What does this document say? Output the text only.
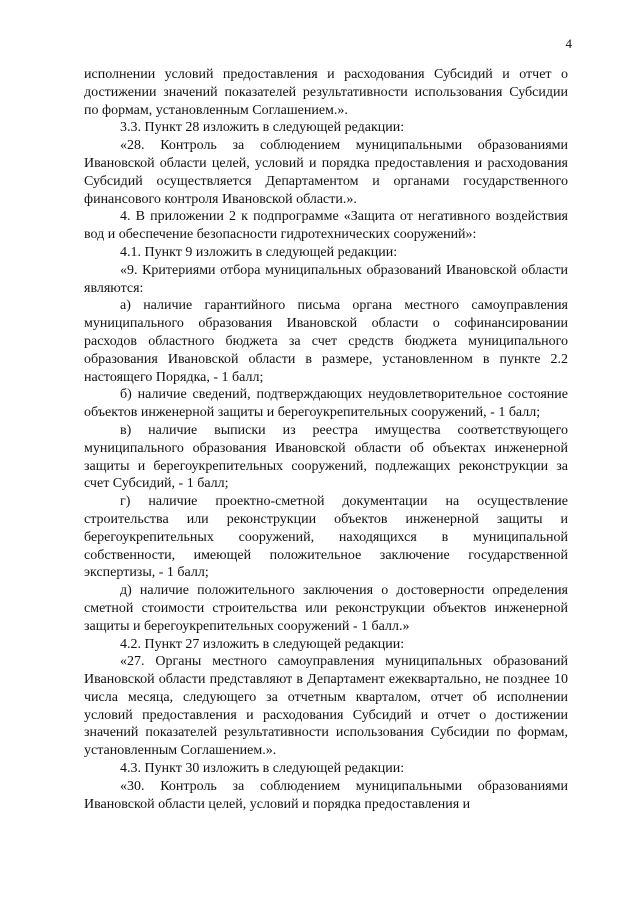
4

исполнении условий предоставления и расходования Субсидий и отчет о достижении значений показателей результативности использования Субсидии по формам, установленным Соглашением.».

3.3. Пункт 28 изложить в следующей редакции:

«28. Контроль за соблюдением муниципальными образованиями Ивановской области целей, условий и порядка предоставления и расходования Субсидий осуществляется Департаментом и органами государственного финансового контроля Ивановской области.».

4. В приложении 2 к подпрограмме «Защита от негативного воздействия вод и обеспечение безопасности гидротехнических сооружений»:

4.1. Пункт 9 изложить в следующей редакции:

«9. Критериями отбора муниципальных образований Ивановской области являются:

а) наличие гарантийного письма органа местного самоуправления муниципального образования Ивановской области о софинансировании расходов областного бюджета за счет средств бюджета муниципального образования Ивановской области в размере, установленном в пункте 2.2 настоящего Порядка, - 1 балл;

б) наличие сведений, подтверждающих неудовлетворительное состояние объектов инженерной защиты и берегоукрепительных сооружений, - 1 балл;

в) наличие выписки из реестра имущества соответствующего муниципального образования Ивановской области об объектах инженерной защиты и берегоукрепительных сооружений, подлежащих реконструкции за счет Субсидий, - 1 балл;

г) наличие проектно-сметной документации на осуществление строительства или реконструкции объектов инженерной защиты и берегоукрепительных сооружений, находящихся в муниципальной собственности, имеющей положительное заключение государственной экспертизы, - 1 балл;

д) наличие положительного заключения о достоверности определения сметной стоимости строительства или реконструкции объектов инженерной защиты и берегоукрепительных сооружений - 1 балл.»

4.2. Пункт 27 изложить в следующей редакции:

«27. Органы местного самоуправления муниципальных образований Ивановской области представляют в Департамент ежеквартально, не позднее 10 числа месяца, следующего за отчетным кварталом, отчет об исполнении условий предоставления и расходования Субсидий и отчет о достижении значений показателей результативности использования Субсидии по формам, установленным Соглашением.».

4.3. Пункт 30 изложить в следующей редакции:

«30. Контроль за соблюдением муниципальными образованиями Ивановской области целей, условий и порядка предоставления и
